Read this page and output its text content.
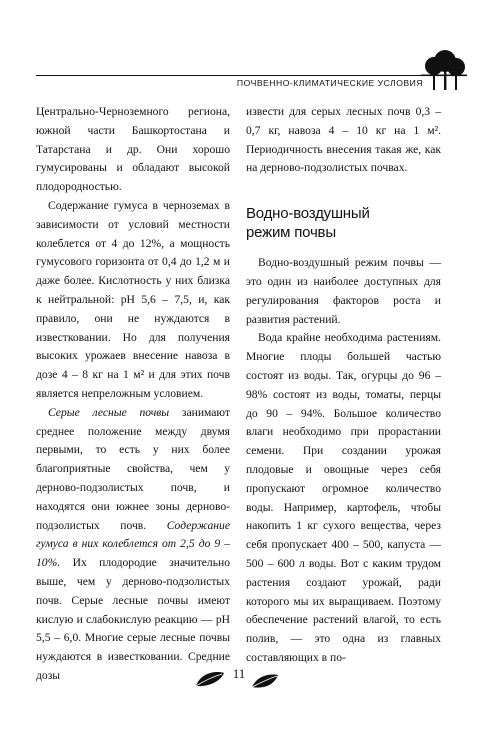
ПОЧВЕННО-КЛИМАТИЧЕСКИЕ УСЛОВИЯ

Центрально-Черноземного региона, южной части Башкортостана и Татарстана и др. Они хорошо гумусированы и обладают высокой плодородностью.

Содержание гумуса в черноземах в зависимости от условий местности колеблется от 4 до 12%, а мощность гумусового горизонта от 0,4 до 1,2 м и даже более. Кислотность у них близка к нейтральной: pH 5,6 – 7,5, и, как правило, они не нуждаются в известковании. Но для получения высоких урожаев внесение навоза в дозе 4 – 8 кг на 1 м² и для этих почв является непреложным условием.

Серые лесные почвы занимают среднее положение между двумя первыми, то есть у них более благоприятные свойства, чем у дерново-подзолистых почв, и находятся они южнее зоны дерново-подзолистых почв. Содержание гумуса в них колеблется от 2,5 до 9 – 10%. Их плодородие значительно выше, чем у дерново-подзолистых почв. Серые лесные почвы имеют кислую и слабокислую реакцию — pH 5,5 – 6,0. Многие серые лесные почвы нуждаются в известковании. Средние дозы

извести для серых лесных почв 0,3 – 0,7 кг, навоза 4 – 10 кг на 1 м². Периодичность внесения такая же, как на дерново-подзолистых почвах.

Водно-воздушный
режим почвы

Водно-воздушный режим почвы — это один из наиболее доступных для регулирования факторов роста и развития растений.

Вода крайне необходима растениям. Многие плоды большей частью состоят из воды. Так, огурцы до 96 – 98% состоят из воды, томаты, перцы до 90 – 94%. Большое количество влаги необходимо при прорастании семени. При создании урожая плодовые и овощные через себя пропускают огромное количество воды. Например, картофель, чтобы накопить 1 кг сухого вещества, через себя пропускает 400 – 500, капуста — 500 – 600 л воды. Вот с каким трудом растения создают урожай, ради которого мы их выращиваем. Поэтому обеспечение растений влагой, то есть полив, — это одна из главных составляющих в по-

11
